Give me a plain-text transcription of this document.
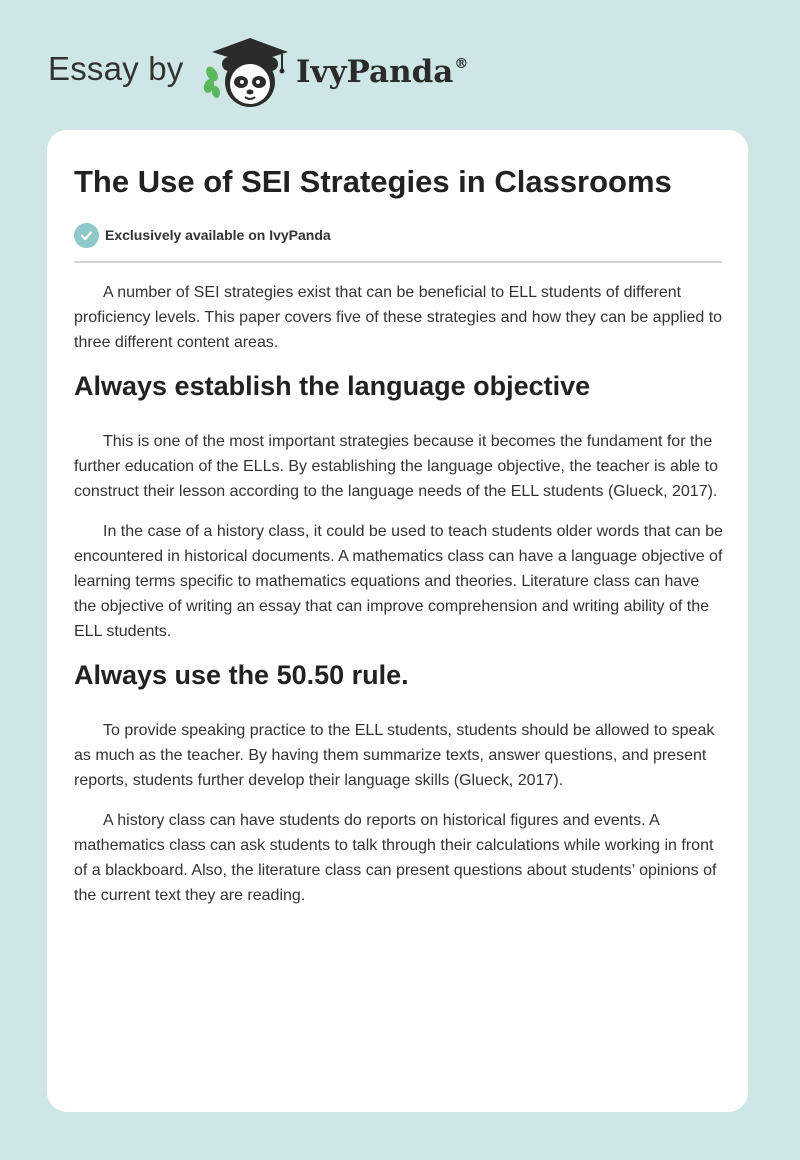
Essay by	IvyPanda®
The Use of SEI Strategies in Classrooms
Exclusively available on IvyPanda

A number of SEI strategies exist that can be beneficial to ELL students of different proficiency levels. This paper covers five of these strategies and how they can be applied to three different content areas.

Always establish the language objective

This is one of the most important strategies because it becomes the fundament for the further education of the ELLs. By establishing the language objective, the teacher is able to construct their lesson according to the language needs of the ELL students (Glueck, 2017).

In the case of a history class, it could be used to teach students older words that can be encountered in historical documents. A mathematics class can have a language objective of learning terms specific to mathematics equations and theories. Literature class can have the objective of writing an essay that can improve comprehension and writing ability of the ELL students.

Always use the 50.50 rule.

To provide speaking practice to the ELL students, students should be allowed to speak as much as the teacher. By having them summarize texts, answer questions, and present reports, students further develop their language skills (Glueck, 2017).

A history class can have students do reports on historical figures and events. A mathematics class can ask students to talk through their calculations while working in front of a blackboard. Also, the literature class can present questions about students’ opinions of the current text they are reading.
